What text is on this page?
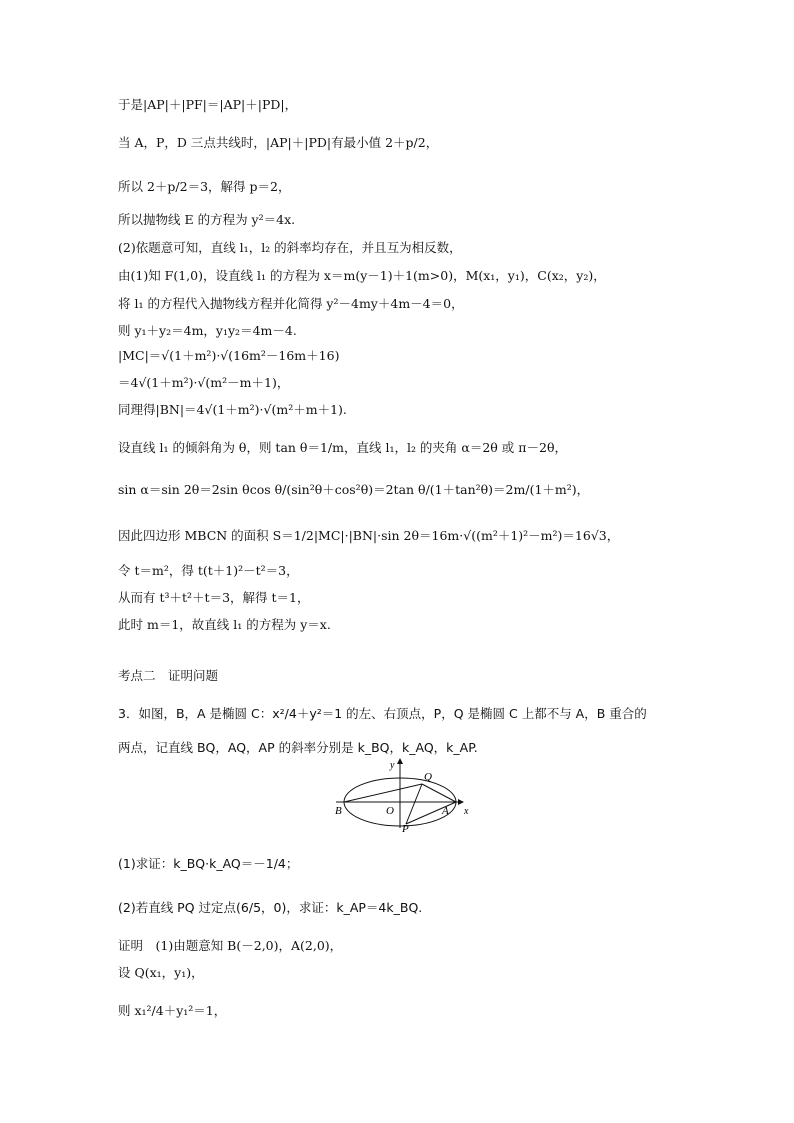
于是|AP|＋|PF|＝|AP|＋|PD|，
当 A，P，D 三点共线时，|AP|＋|PD|有最小值 2＋p/2，
所以 2＋p/2＝3，解得 p＝2，
所以抛物线 E 的方程为 y²＝4x.
(2)依题意可知，直线 l₁，l₂ 的斜率均存在，并且互为相反数，
由(1)知 F(1,0)，设直线 l₁ 的方程为 x＝m(y－1)＋1(m>0)，M(x₁，y₁)，C(x₂，y₂)，
将 l₁ 的方程代入抛物线方程并化简得 y²－4my＋4m－4＝0，
则 y₁＋y₂＝4m，y₁y₂＝4m－4.
|MC|＝√(1＋m²)·√(16m²－16m＋16)
＝4√(1＋m²)·√(m²－m＋1)，
同理得|BN|＝4√(1＋m²)·√(m²＋m＋1).
设直线 l₁ 的倾斜角为 θ，则 tan θ＝1/m，直线 l₁，l₂ 的夹角 α＝2θ 或 π－2θ，
sin α＝sin 2θ＝2sin θcos θ/(sin²θ＋cos²θ)＝2tan θ/(1＋tan²θ)＝2m/(1＋m²)，
因此四边形 MBCN 的面积 S＝1/2|MC|·|BN|·sin 2θ＝16m·√((m²＋1)²－m²)＝16√3，
令 t＝m²，得 t(t＋1)²－t²＝3，
从而有 t³＋t²＋t＝3，解得 t＝1，
此时 m＝1，故直线 l₁ 的方程为 y＝x.
考点二　证明问题
3．如图，B，A 是椭圆 C：x²/4＋y²＝1 的左、右顶点，P，Q 是椭圆 C 上都不与 A，B 重合的
两点，记直线 BQ，AQ，AP 的斜率分别是 k_BQ，k_AQ，k_AP.
y
x
B	O	A
Q
P
(1)求证：k_BQ·k_AQ＝－1/4；
(2)若直线 PQ 过定点(6/5，0)，求证：k_AP＝4k_BQ.
证明　(1)由题意知 B(－2,0)，A(2,0)，
设 Q(x₁，y₁)，
则 x₁²/4＋y₁²＝1，
